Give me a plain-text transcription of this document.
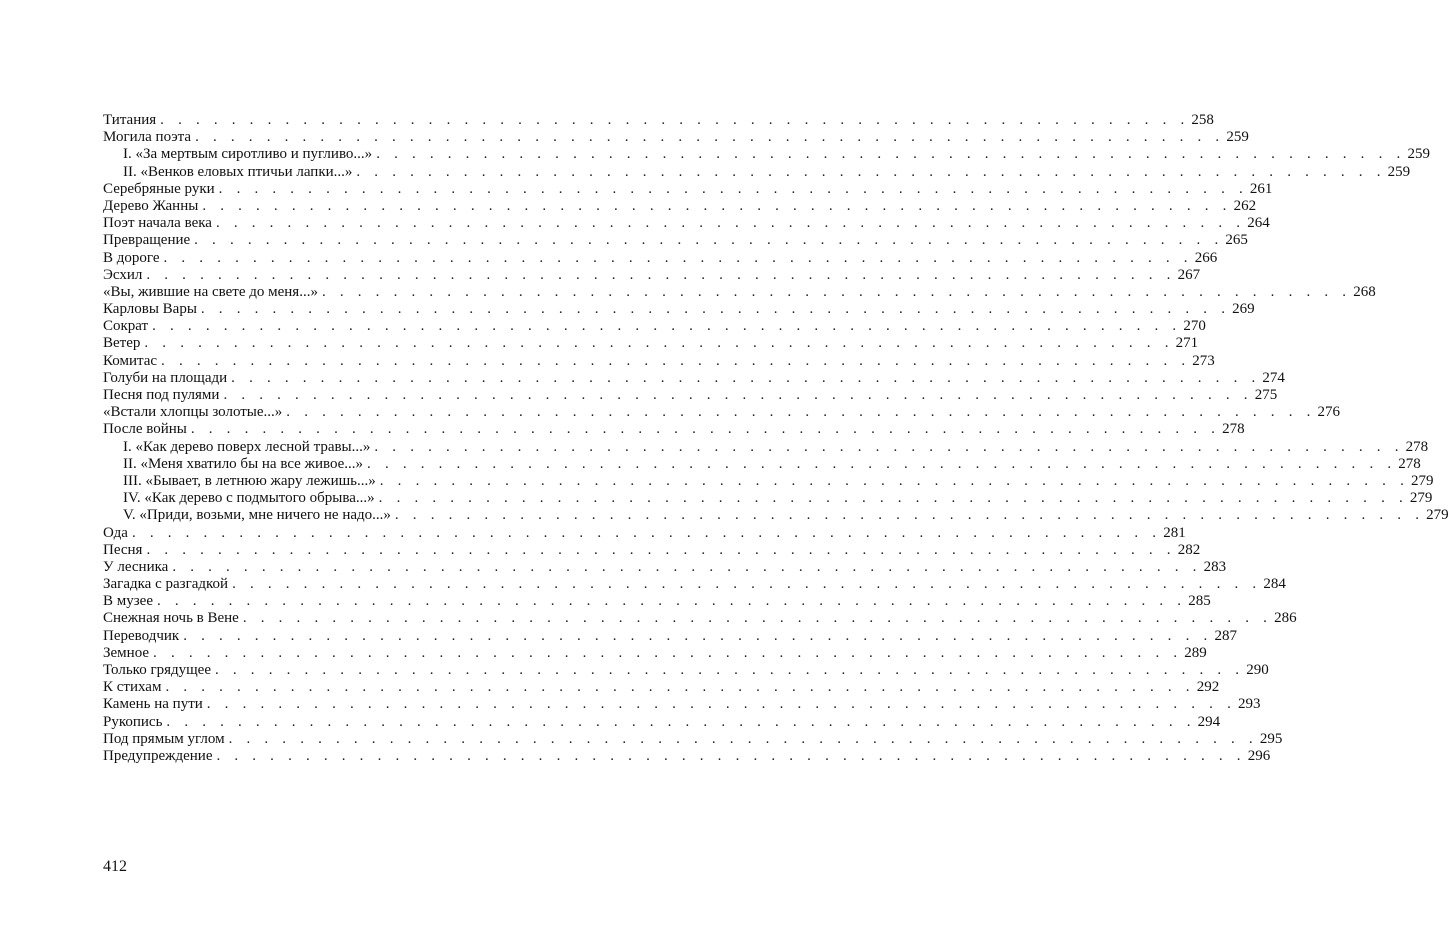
Титания . . .	258
Могила поэта . . .	259
I. «За мертвым сиротливо и пугливо...» . . .	259
II. «Венков еловых птичьи лапки...» . . .	259
Серебряные руки . . .	261
Дерево Жанны . . .	262
Поэт начала века . . .	264
Превращение . . .	265
В дороге . . .	266
Эсхил . . .	267
«Вы, жившие на свете до меня...» . . .	268
Карловы Вары . . .	269
Сократ . . .	270
Ветер . . .	271
Комитас . . .	273
Голуби на площади . . .	274
Песня под пулями . . .	275
«Встали хлопцы золотые...» . . .	276
После войны . . .	278
I. «Как дерево поверх лесной травы...» . . .	278
II. «Меня хватило бы на все живое...» . . .	278
III. «Бывает, в летнюю жару лежишь...» . . .	279
IV. «Как дерево с подмытого обрыва...» . . .	279
V. «Приди, возьми, мне ничего не надо...» . . .	279
Ода . . .	281
Песня . . .	282
У лесника . . .	283
Загадка с разгадкой . . .	284
В музее . . .	285
Снежная ночь в Вене . . .	286
Переводчик . . .	287
Земное . . .	289
Только грядущее . . .	290
К стихам . . .	292
Камень на пути . . .	293
Рукопись . . .	294
Под прямым углом . . .	295
Предупреждение . . .	296
412
